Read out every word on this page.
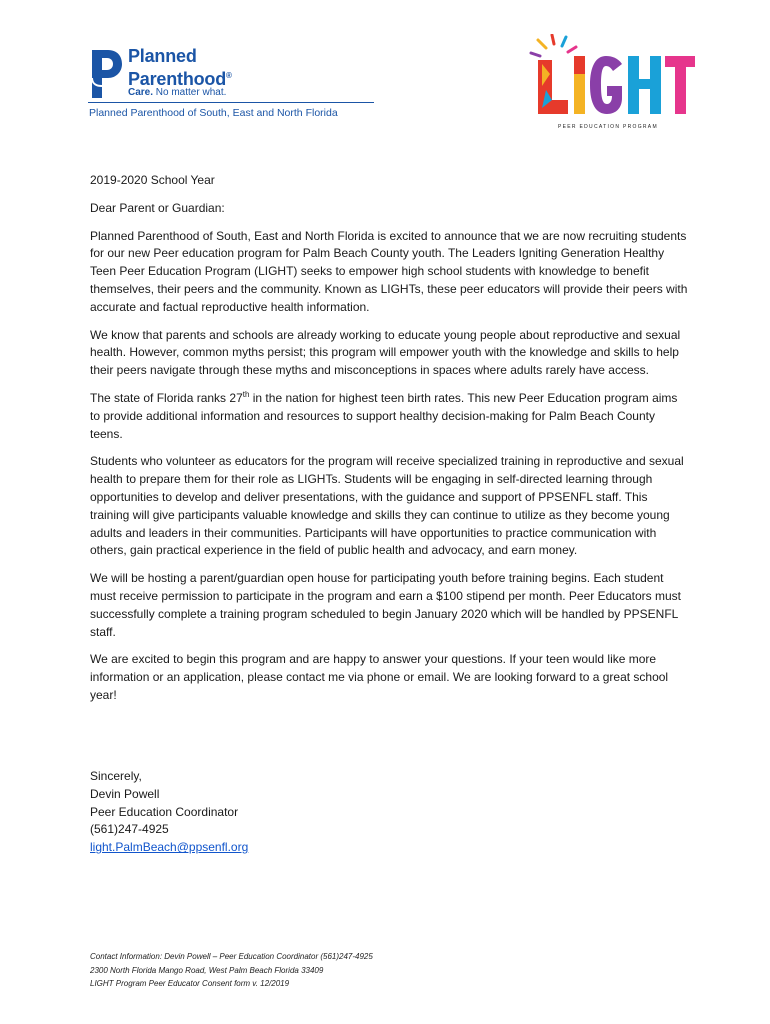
Planned
Parenthood®
Care. No matter what.
Planned Parenthood of South, East and North Florida
PEER EDUCATION PROGRAM

2019-2020 School Year

Dear Parent or Guardian:

Planned Parenthood of South, East and North Florida is excited to announce that we are now recruiting students for our new Peer education program for Palm Beach County youth. The Leaders Igniting Generation Healthy Teen Peer Education Program (LIGHT) seeks to empower high school students with knowledge to benefit themselves, their peers and the community. Known as LIGHTs, these peer educators will provide their peers with accurate and factual reproductive health information.

We know that parents and schools are already working to educate young people about reproductive and sexual health. However, common myths persist; this program will empower youth with the knowledge and skills to help their peers navigate through these myths and misconceptions in spaces where adults rarely have access.

The state of Florida ranks 27th in the nation for highest teen birth rates. This new Peer Education program aims to provide additional information and resources to support healthy decision-making for Palm Beach County teens.

Students who volunteer as educators for the program will receive specialized training in reproductive and sexual health to prepare them for their role as LIGHTs. Students will be engaging in self-directed learning through opportunities to develop and deliver presentations, with the guidance and support of PPSENFL staff. This training will give participants valuable knowledge and skills they can continue to utilize as they become young adults and leaders in their communities. Participants will have opportunities to practice communication with others, gain practical experience in the field of public health and advocacy, and earn money.

We will be hosting a parent/guardian open house for participating youth before training begins. Each student must receive permission to participate in the program and earn a $100 stipend per month. Peer Educators must successfully complete a training program scheduled to begin January 2020 which will be handled by PPSENFL staff.

We are excited to begin this program and are happy to answer your questions. If your teen would like more information or an application, please contact me via phone or email. We are looking forward to a great school year!

Sincerely,
Devin Powell
Peer Education Coordinator
(561)247-4925
light.PalmBeach@ppsenfl.org
Contact Information: Devin Powell – Peer Education Coordinator (561)247-4925
2300 North Florida Mango Road, West Palm Beach Florida 33409
LIGHT Program Peer Educator Consent form v. 12/2019
